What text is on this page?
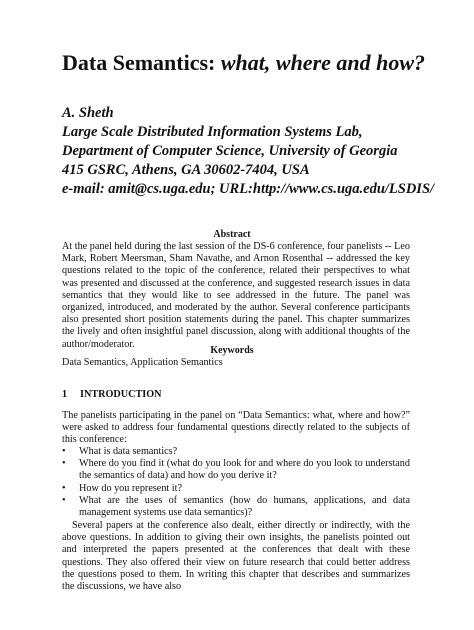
Data Semantics: what, where and how?
A. Sheth
Large Scale Distributed Information Systems Lab,
Department of Computer Science, University of Georgia
415 GSRC, Athens, GA 30602-7404, USA
e-mail: amit@cs.uga.edu; URL:http://www.cs.uga.edu/LSDIS/
Abstract

At the panel held during the last session of the DS-6 conference, four panelists -- Leo Mark, Robert Meersman, Sham Navathe, and Arnon Rosenthal -- addressed the key questions related to the topic of the conference, related their perspectives to what was presented and discussed at the conference, and suggested research issues in data semantics that they would like to see addressed in the future. The panel was organized, introduced, and moderated by the author. Several conference participants also presented short position statements during the panel. This chapter summarizes the lively and often insightful panel discussion, along with additional thoughts of the author/moderator.

Keywords

Data Semantics, Application Semantics

1 INTRODUCTION

The panelists participating in the panel on “Data Semantics: what, where and how?” were asked to address four fundamental questions directly related to the subjects of this conference:

• What is data semantics?
• Where do you find it (what do you look for and where do you look to understand the semantics of data) and how do you derive it?
• How do you represent it?
• What are the uses of semantics (how do humans, applications, and data management systems use data semantics)?

Several papers at the conference also dealt, either directly or indirectly, with the above questions. In addition to giving their own insights, the panelists pointed out and interpreted the papers presented at the conferences that dealt with these questions. They also offered their view on future research that could better address the questions posed to them. In writing this chapter that describes and summarizes the discussions, we have also
